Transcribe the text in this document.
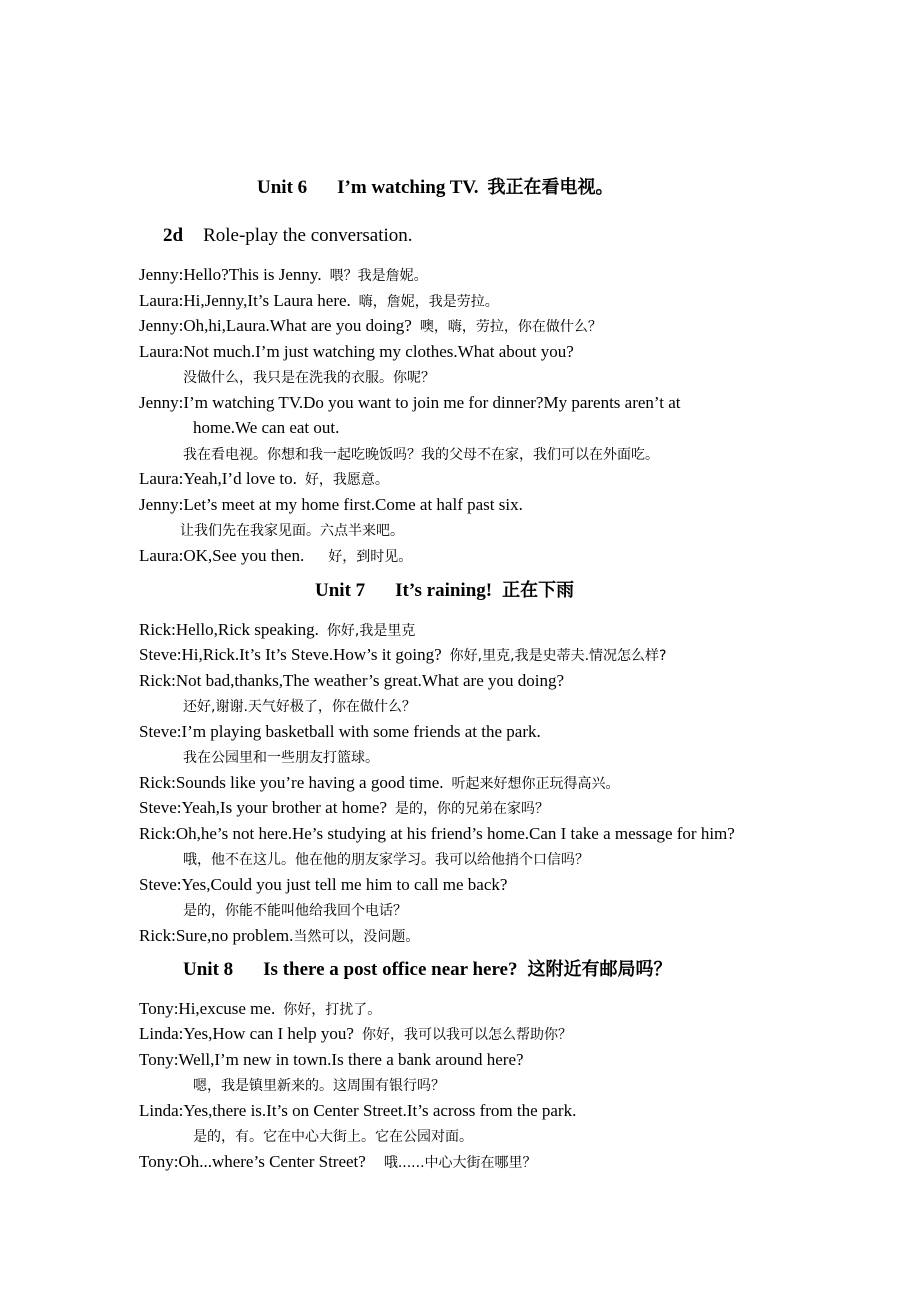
Unit 6 I’m watching TV. 我正在看电视。
2d Role-play the conversation.
Jenny:Hello?This is Jenny. 喂？我是詹妮。
Laura:Hi,Jenny,It’s Laura here. 嗨，詹妮，我是劳拉。
Jenny:Oh,hi,Laura.What are you doing? 噢，嗨，劳拉，你在做什么？
Laura:Not much.I’m just watching my clothes.What about you?
没做什么，我只是在洗我的衣服。你呢？
Jenny:I’m watching TV.Do you want to join me for dinner?My parents aren’t at
home.We can eat out.
我在看电视。你想和我一起吃晚饭吗？我的父母不在家，我们可以在外面吃。
Laura:Yeah,I’d love to. 好，我愿意。
Jenny:Let’s meet at my home first.Come at half past six.
让我们先在我家见面。六点半来吧。
Laura:OK,See you then. 好，到时见。
Unit 7 It’s raining! 正在下雨
Rick:Hello,Rick speaking. 你好,我是里克
Steve:Hi,Rick.It’s It’s Steve.How’s it going? 你好,里克,我是史蒂夫.情况怎么样?
Rick:Not bad,thanks,The weather’s great.What are you doing?
还好,谢谢.天气好极了，你在做什么？
Steve:I’m playing basketball with some friends at the park.
我在公园里和一些朋友打篮球。
Rick:Sounds like you’re having a good time. 听起来好想你正玩得高兴。
Steve:Yeah,Is your brother at home? 是的，你的兄弟在家吗？
Rick:Oh,he’s not here.He’s studying at his friend’s home.Can I take a message for him?
哦，他不在这儿。他在他的朋友家学习。我可以给他捎个口信吗？
Steve:Yes,Could you just tell me him to call me back?
是的，你能不能叫他给我回个电话？
Rick:Sure,no problem.当然可以，没问题。
Unit 8 Is there a post office near here? 这附近有邮局吗？
Tony:Hi,excuse me. 你好，打扰了。
Linda:Yes,How can I help you? 你好，我可以我可以怎么帮助你？
Tony:Well,I’m new in town.Is there a bank around here?
嗯，我是镇里新来的。这周围有银行吗？
Linda:Yes,there is.It’s on Center Street.It’s across from the park.
是的，有。它在中心大街上。它在公园对面。
Tony:Oh...where’s Center Street? 哦......中心大街在哪里？
